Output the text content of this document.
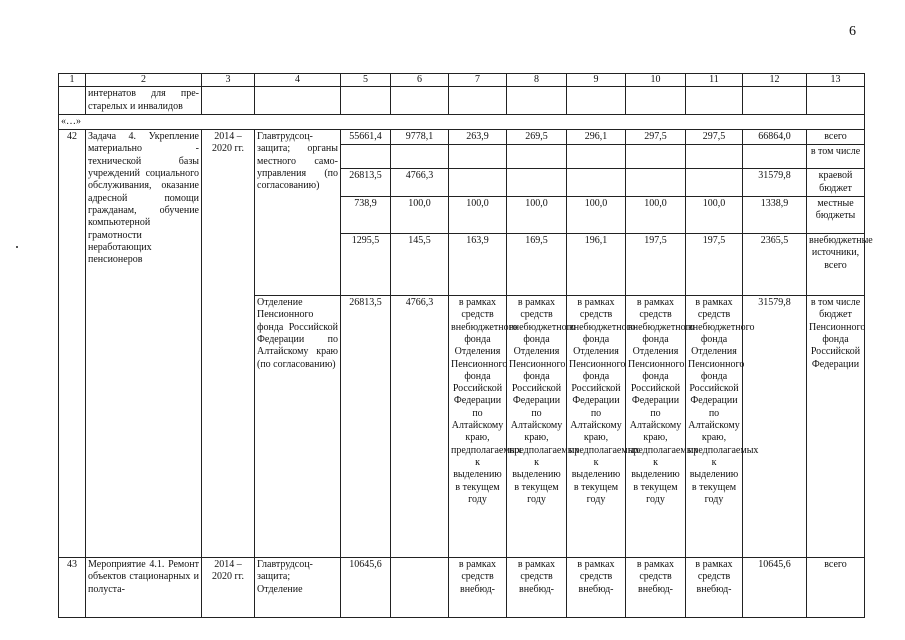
6
1	2	3	4	5	6	7	8	9	10	11	12	13
	интернатов для пре-старелых и инвалидов											
«…»												
42	Задача 4. Укрепление материально - технической базы учреждений социального обслуживания, оказание адресной помощи гражданам, обучение компьютерной грамотности неработающих пенсионеров	2014 – 2020 гг.	Главтрудсоц-защита; органы местного само-управления (по согласованию)	55661,4	9778,1	263,9	269,5	296,1	297,5	297,5	66864,0	всего
												в том числе
				26813,5	4766,3						31579,8	краевой бюджет
				738,9	100,0	100,0	100,0	100,0	100,0	100,0	1338,9	местные бюджеты
				1295,5	145,5	163,9	169,5	196,1	197,5	197,5	2365,5	внебюджетные источники, всего
			Отделение Пенсионного фонда Российской Федерации по Алтайскому краю (по согласованию)	26813,5	4766,3	в рамках средств внебюджетного фонда Отделения Пенсионного фонда Российской Федерации по Алтайскому краю, предполагаемых к выделению в текущем году	в рамках средств внебюджетного фонда Отделения Пенсионного фонда Российской Федерации по Алтайскому краю, предполагаемых к выделению в текущем году	в рамках средств внебюджетного фонда Отделения Пенсионного фонда Российской Федерации по Алтайскому краю, предполагаемых к выделению в текущем году	в рамках средств внебюджетного фонда Отделения Пенсионного фонда Российской Федерации по Алтайскому краю, предполагаемых к выделению в текущем году	в рамках средств внебюджетного фонда Отделения Пенсионного фонда Российской Федерации по Алтайскому краю, предполагаемых к выделению в текущем году	31579,8	в том числе бюджет Пенсионного фонда Российской Федерации
43	Мероприятие 4.1. Ремонт объектов стационарных и полуста-	2014 – 2020 гг.	Главтрудсоц-защита; Отделение	10645,6		в рамках средств внебюд-	в рамках средств внебюд-	в рамках средств внебюд-	в рамках средств внебюд-	в рамках средств внебюд-	10645,6	всего
